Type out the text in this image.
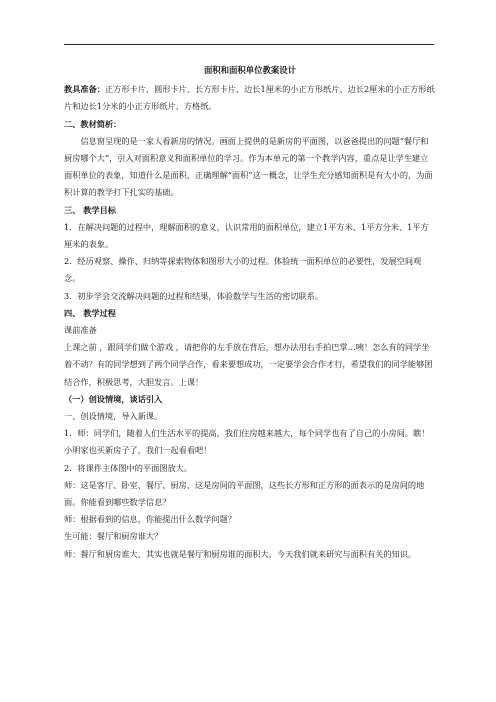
面积和面积单位教案设计

教具准备：正方形卡片、圆形卡片、长方形卡片、边长1厘米的小正方形纸片、边长2厘米的小正方形纸片和边长1分米的小正方形纸片、方格纸。

二、教材简析：

信息窗呈现的是一家人看新房的情况。画面上提供的是新房的平面图，以爸爸提出的问题“餐厅和厨房哪个大”，引入对面积意义和面积单位的学习。作为本单元的第一个教学内容，重点是让学生建立面积单位的表象，知道什么是面积，正确理解“面积”这一概念，让学生充分感知面积是有大小的，为面积计算的教学打下扎实的基础。

三、 教学目标

1．在解决问题的过程中，理解面积的意义，认识常用的面积单位，建立1平方米、1平方分米、1平方厘米的表象。

2．经历观察、操作、归纳等探索物体和图形大小的过程。体验统一面积单位的必要性，发展空间观念。

3．初步学会交流解决问题的过程和结果，体验数学与生活的密切联系。

四、 教学过程

课前准备

上课之前 ，跟同学们做个游戏 ，请把你的左手放在背后，想办法用右手拍巴掌…咦！怎么有的同学坐着不动？有的同学想到了两个同学合作，看来要想成功，一定要学会合作才行，希望我们的同学能够团结合作，积极思考，大胆发言。上课！

（一）创设情境，谈话引入

一、创设情境，导入新课。

1．师：同学们，随着人们生活水平的提高，我们住房越来越大，每个同学也有了自己的小房间。瞧！小明家也买新房子了，我们一起看看吧！

2．将课件主体图中的平面图放大。

师：这是客厅、卧室、餐厅、厨房，这是房间的平面图，这些长方形和正方形的面表示的是房间的地面。你能看到哪些数学信息？

师：根据看到的信息，你能提出什么数学问题？

生可能：餐厅和厨房谁大？

师：餐厅和厨房谁大，其实也就是餐厅和厨房谁的面积大，今天我们就来研究与面积有关的知识。
